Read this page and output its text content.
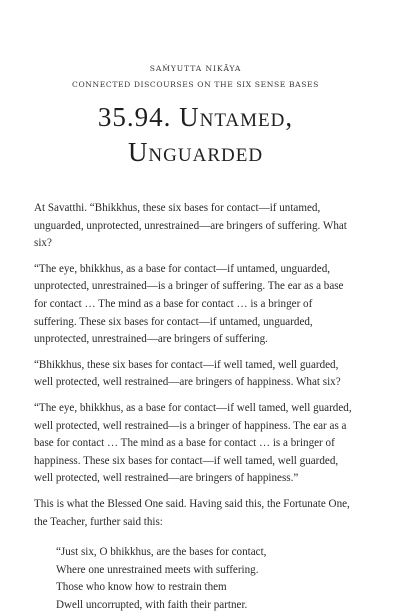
SAṀYUTTA NIKĀYA
CONNECTED DISCOURSES ON THE SIX SENSE BASES
35.94. Untamed,
Unguarded

At Savatthi. “Bhikkhus, these six bases for contact—if untamed, unguarded, unprotected, unrestrained—are bringers of suffering. What six?

“The eye, bhikkhus, as a base for contact—if untamed, unguarded, unprotected, unrestrained—is a bringer of suffering. The ear as a base for contact … The mind as a base for contact … is a bringer of suffering. These six bases for contact—if untamed, unguarded, unprotected, unrestrained—are bringers of suffering.

“Bhikkhus, these six bases for contact—if well tamed, well guarded, well protected, well restrained—are bringers of happiness. What six?

“The eye, bhikkhus, as a base for contact—if well tamed, well guarded, well protected, well restrained—is a bringer of happiness. The ear as a base for contact … The mind as a base for contact … is a bringer of happiness. These six bases for contact—if well tamed, well guarded, well protected, well restrained—are bringers of happiness.”

This is what the Blessed One said. Having said this, the Fortunate One, the Teacher, further said this:

“Just six, O bhikkhus, are the bases for contact,
Where one unrestrained meets with suffering.
Those who know how to restrain them
Dwell uncorrupted, with faith their partner.
